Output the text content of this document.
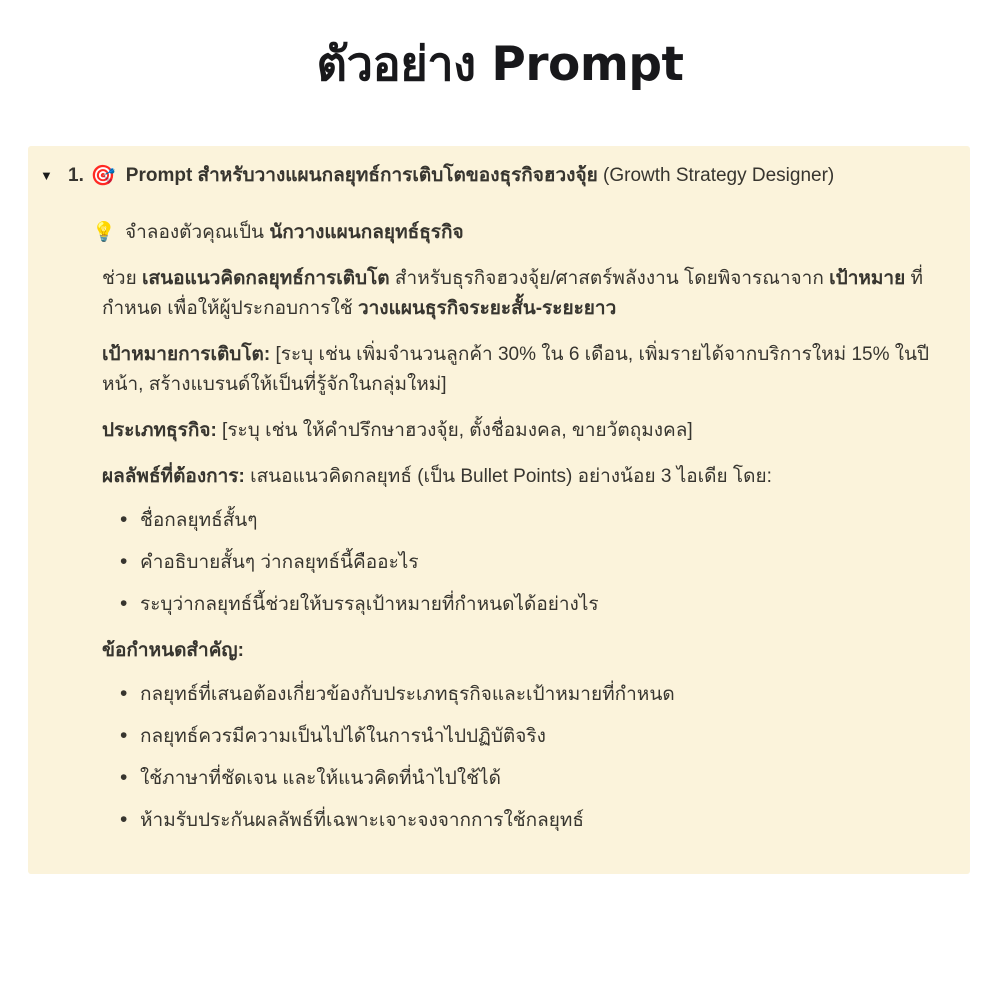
ตัวอย่าง Prompt
▼ 1. 🎯 Prompt สำหรับวางแผนกลยุทธ์การเติบโตของธุรกิจฮวงจุ้ย (Growth Strategy Designer)
💡 จำลองตัวคุณเป็น นักวางแผนกลยุทธ์ธุรกิจ

ช่วย เสนอแนวคิดกลยุทธ์การเติบโต สำหรับธุรกิจฮวงจุ้ย/ศาสตร์พลังงาน โดยพิจารณาจาก เป้าหมาย ที่กำหนด เพื่อให้ผู้ประกอบการใช้ วางแผนธุรกิจระยะสั้น-ระยะยาว

เป้าหมายการเติบโต: [ระบุ เช่น เพิ่มจำนวนลูกค้า 30% ใน 6 เดือน, เพิ่มรายได้จากบริการใหม่ 15% ในปีหน้า, สร้างแบรนด์ให้เป็นที่รู้จักในกลุ่มใหม่]

ประเภทธุรกิจ: [ระบุ เช่น ให้คำปรึกษาฮวงจุ้ย, ตั้งชื่อมงคล, ขายวัตถุมงคล]

ผลลัพธ์ที่ต้องการ: เสนอแนวคิดกลยุทธ์ (เป็น Bullet Points) อย่างน้อย 3 ไอเดีย โดย:

• ชื่อกลยุทธ์สั้นๆ
• คำอธิบายสั้นๆ ว่ากลยุทธ์นี้คืออะไร
• ระบุว่ากลยุทธ์นี้ช่วยให้บรรลุเป้าหมายที่กำหนดได้อย่างไร

ข้อกำหนดสำคัญ:

• กลยุทธ์ที่เสนอต้องเกี่ยวข้องกับประเภทธุรกิจและเป้าหมายที่กำหนด
• กลยุทธ์ควรมีความเป็นไปได้ในการนำไปปฏิบัติจริง
• ใช้ภาษาที่ชัดเจน และให้แนวคิดที่นำไปใช้ได้
• ห้ามรับประกันผลลัพธ์ที่เฉพาะเจาะจงจากการใช้กลยุทธ์
